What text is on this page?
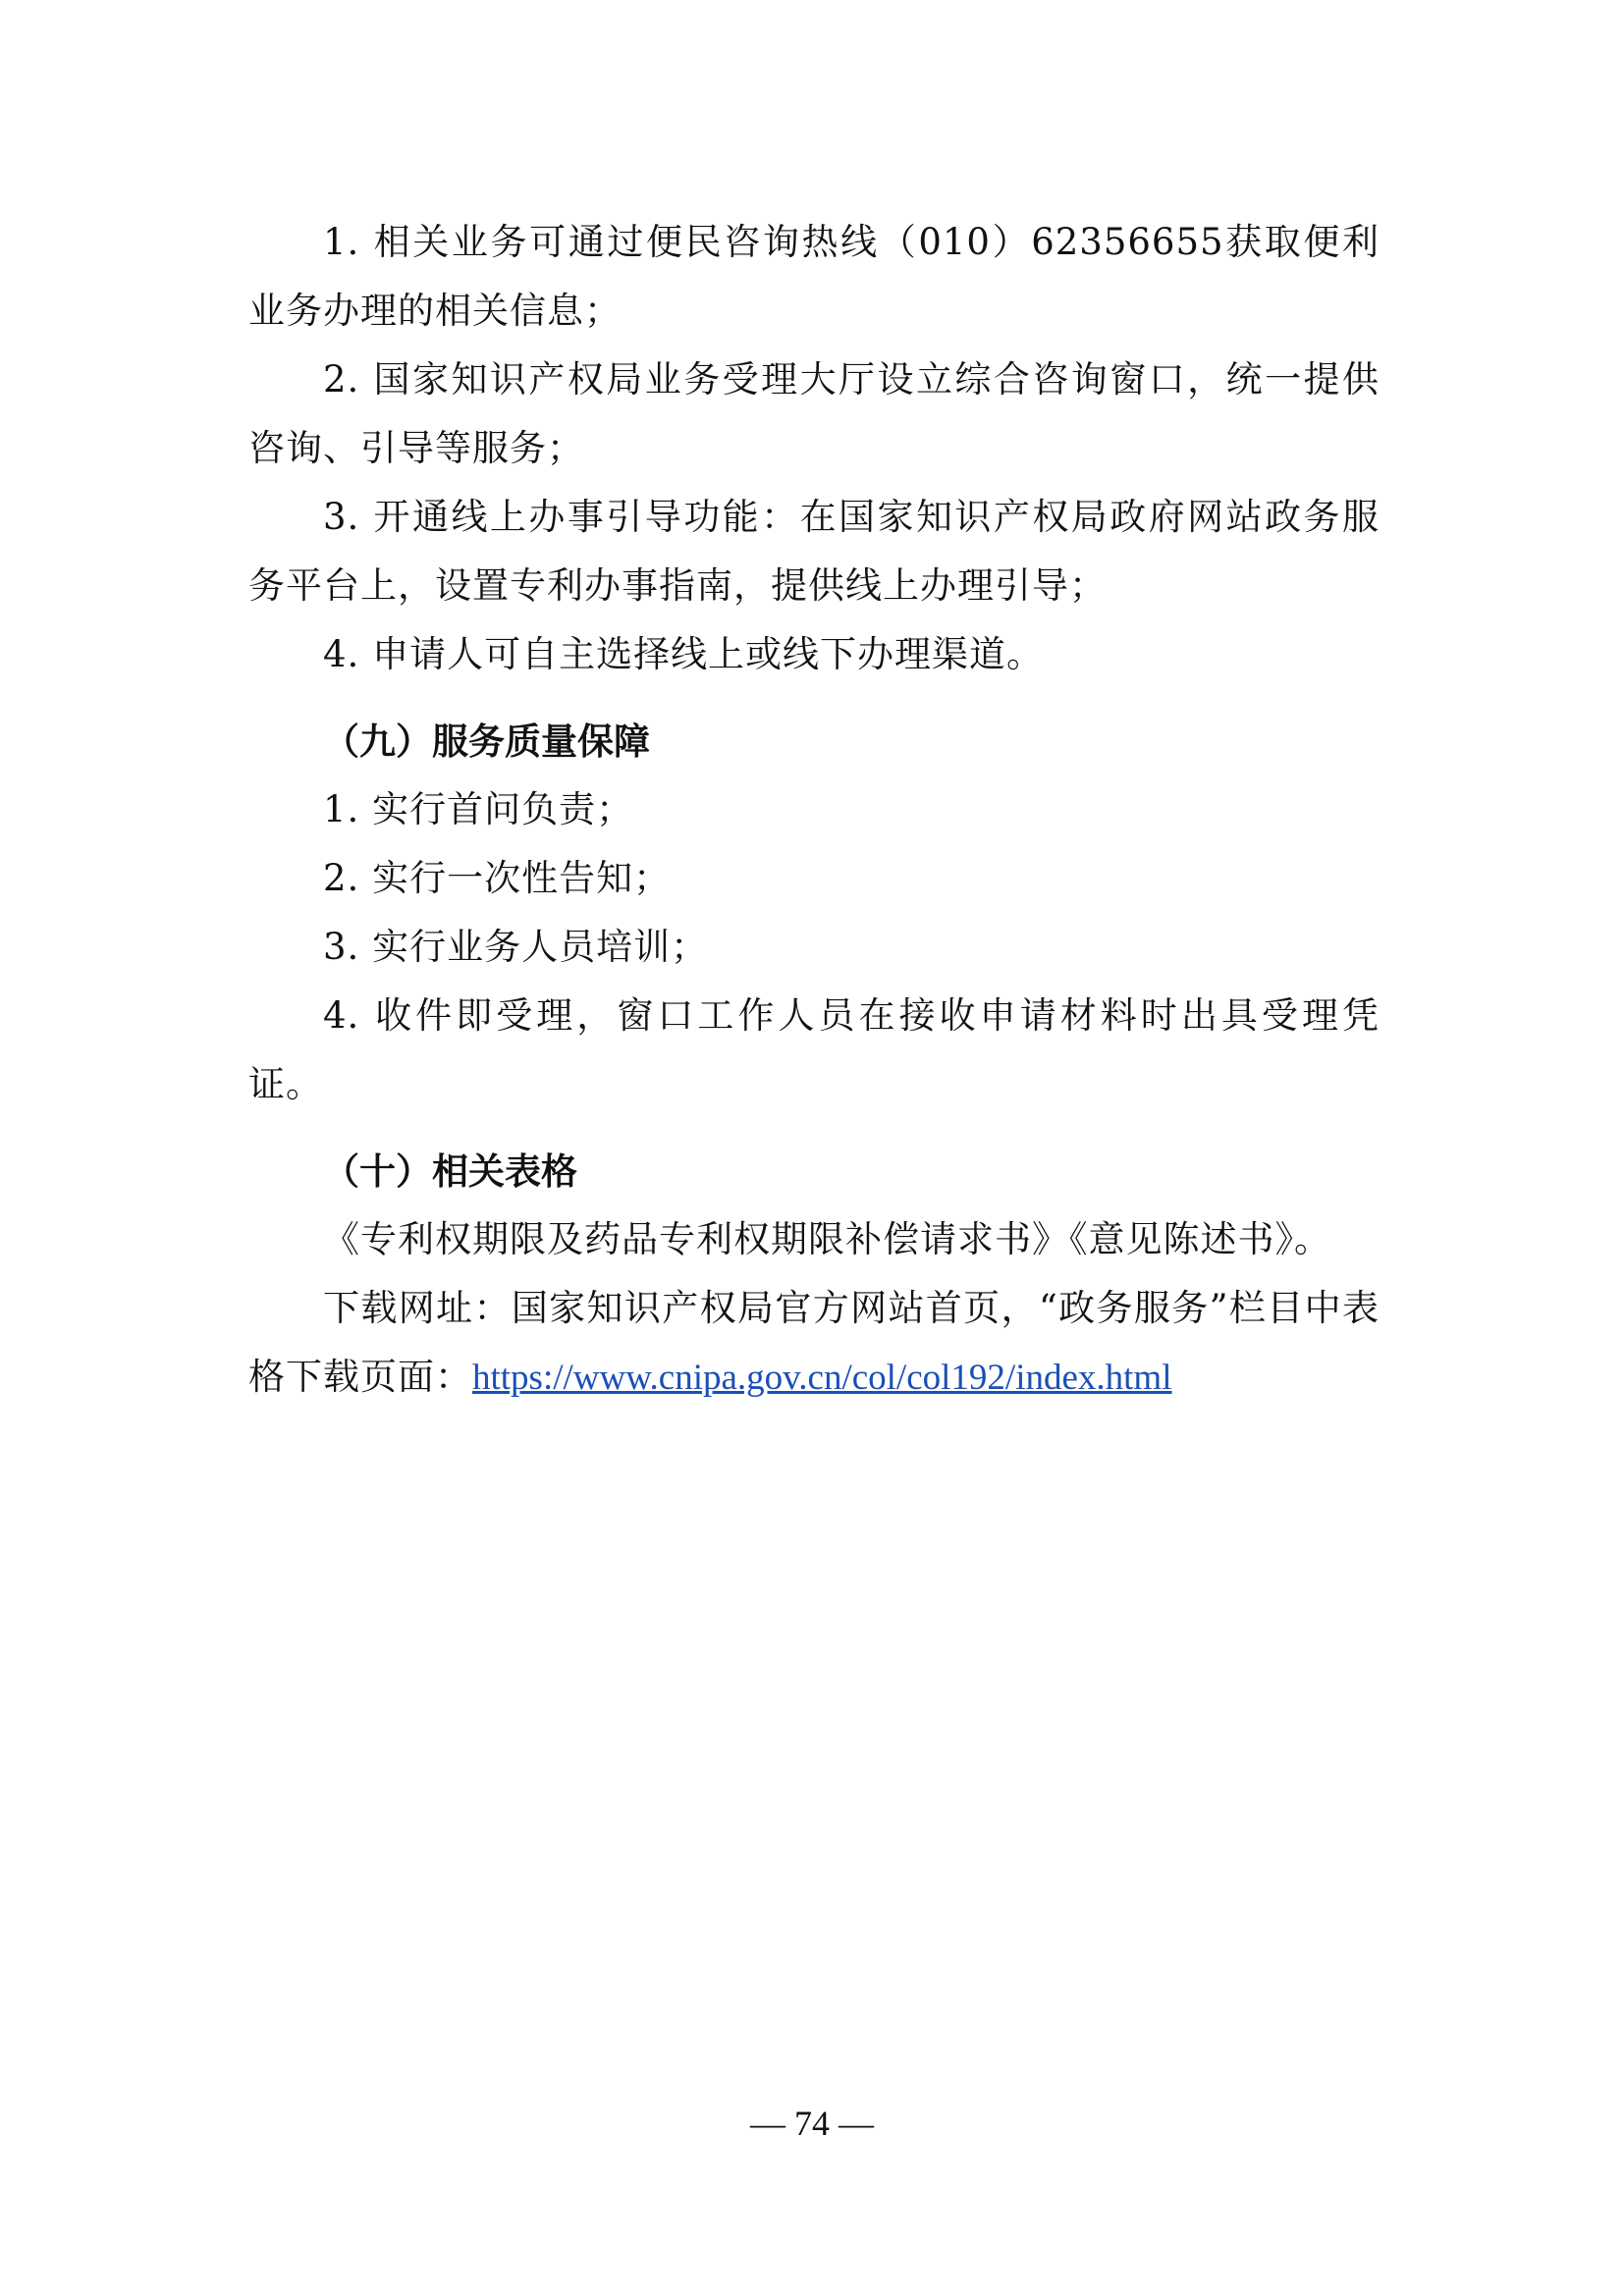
1. 相关业务可通过便民咨询热线（010）62356655获取便利业务办理的相关信息；

2. 国家知识产权局业务受理大厅设立综合咨询窗口，统一提供咨询、引导等服务；

3. 开通线上办事引导功能：在国家知识产权局政府网站政务服务平台上，设置专利办事指南，提供线上办理引导；

4. 申请人可自主选择线上或线下办理渠道。

（九）服务质量保障

1. 实行首问负责；

2. 实行一次性告知；

3. 实行业务人员培训；

4. 收件即受理，窗口工作人员在接收申请材料时出具受理凭证。

（十）相关表格

《专利权期限及药品专利权期限补偿请求书》《意见陈述书》。

下载网址：国家知识产权局官方网站首页，“政务服务”栏目中表格下载页面：https://www.cnipa.gov.cn/col/col192/index.html

— 74 —
